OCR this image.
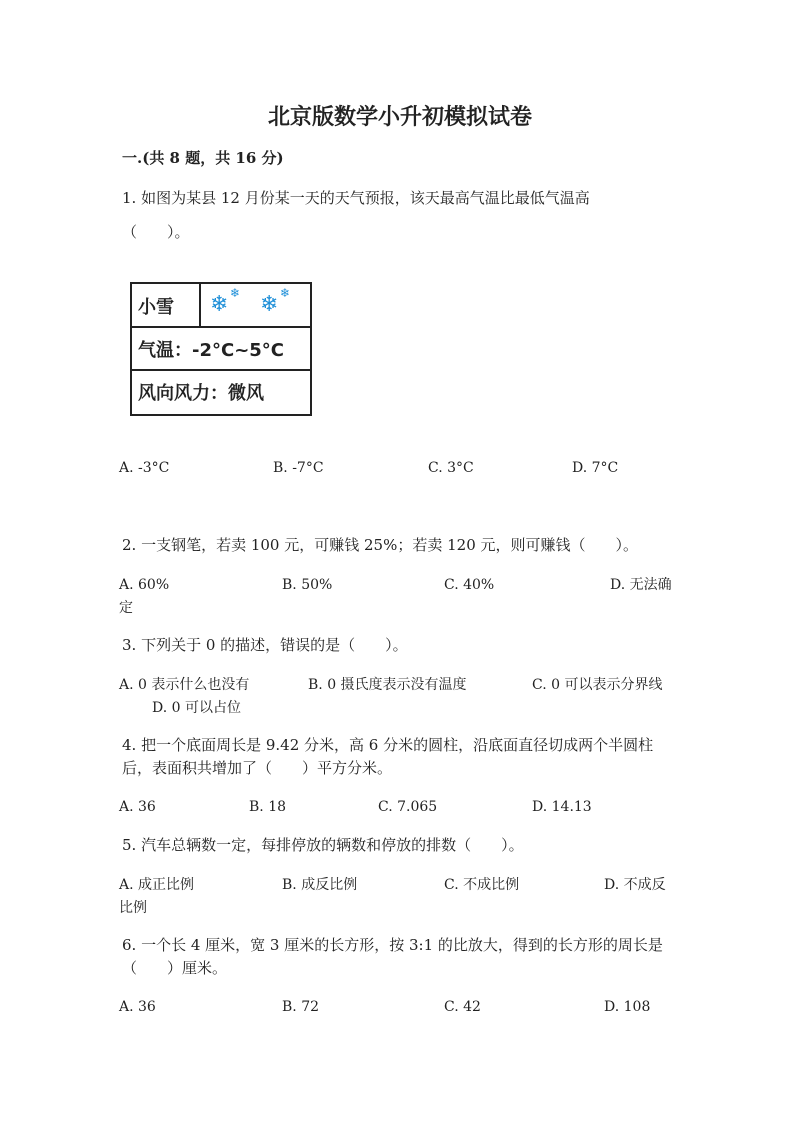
北京版数学小升初模拟试卷
一.(共 8 题，共 16 分)
1. 如图为某县 12 月份某一天的天气预报，该天最高气温比最低气温高
（　　）。
小雪 ❄ ❄ ❄ ❄
气温：-2°C~5°C
风向风力：微风
A. -3°C	B. -7°C	C. 3°C	D. 7°C
2. 一支钢笔，若卖 100 元，可赚钱 25%；若卖 120 元，则可赚钱（　　）。
A. 60%	B. 50%	C. 40%	D. 无法确
定
3. 下列关于 0 的描述，错误的是（　　）。
A. 0 表示什么也没有	B. 0 摄氏度表示没有温度	C. 0 可以表示分界线
D. 0 可以占位
4. 把一个底面周长是 9.42 分米，高 6 分米的圆柱，沿底面直径切成两个半圆柱
后，表面积共增加了（　　）平方分米。
A. 36	B. 18	C. 7.065	D. 14.13
5. 汽车总辆数一定，每排停放的辆数和停放的排数（　　）。
A. 成正比例	B. 成反比例	C. 不成比例	D. 不成反
比例
6. 一个长 4 厘米，宽 3 厘米的长方形，按 3:1 的比放大，得到的长方形的周长是
（　　）厘米。
A. 36	B. 72	C. 42	D. 108
